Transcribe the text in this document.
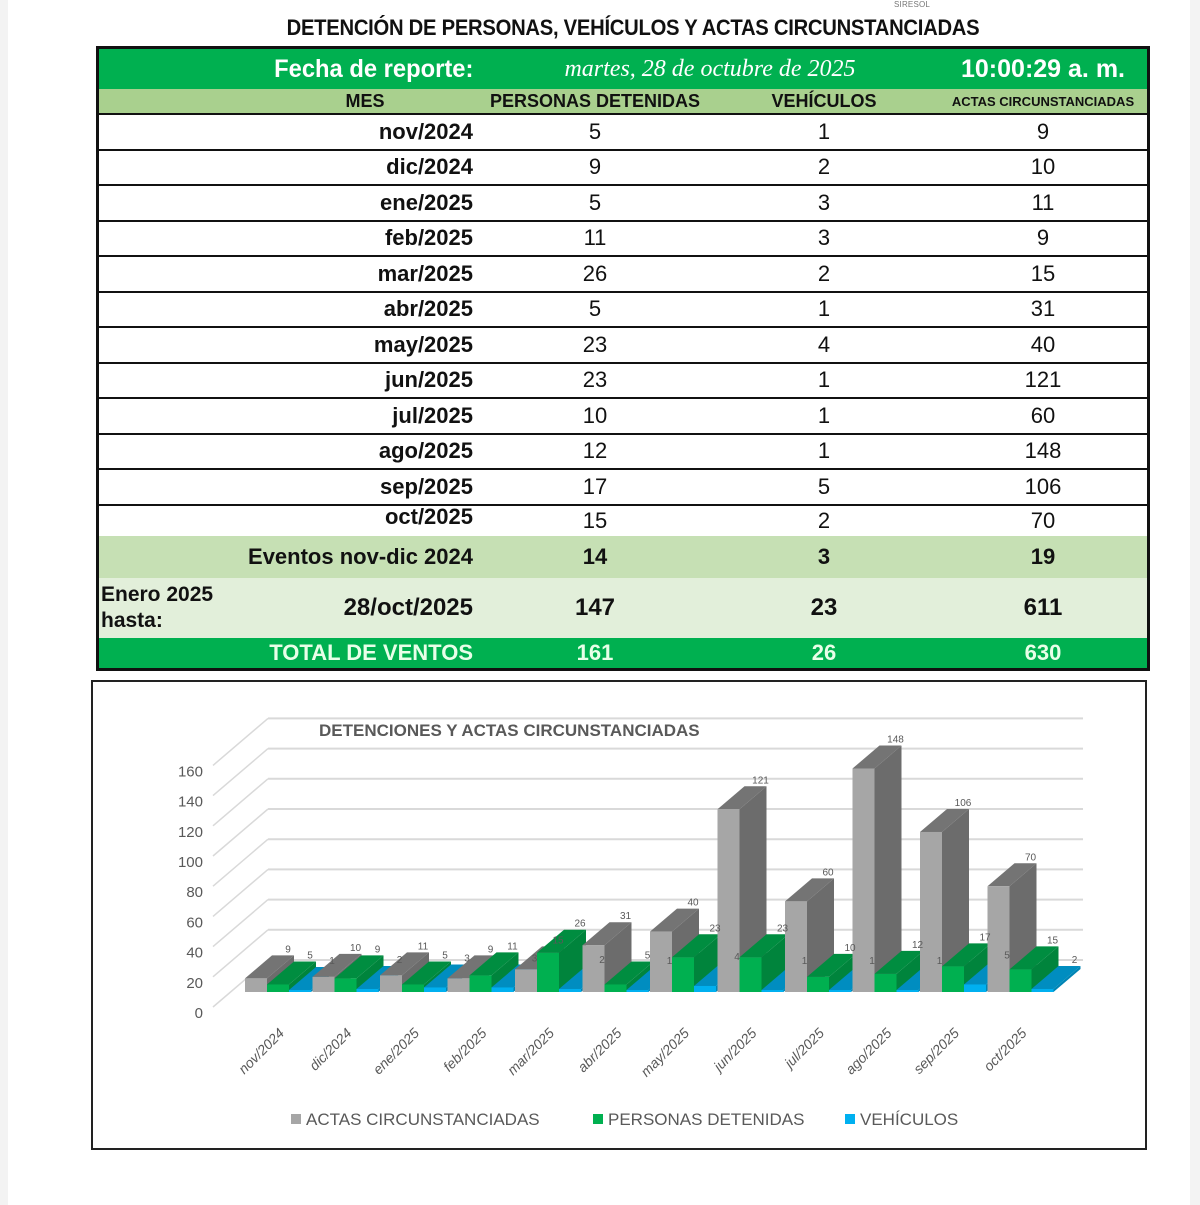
SIRESOL
DETENCIÓN DE PERSONAS, VEHÍCULOS Y ACTAS CIRCUNSTANCIADAS
Fecha de reporte:	martes, 28 de octubre de 2025	10:00:29 a. m.
MES	PERSONAS DETENIDAS	VEHÍCULOS	ACTAS CIRCUNSTANCIADAS
nov/2024	5	1	9
dic/2024	9	2	10
ene/2025	5	3	11
feb/2025	11	3	9
mar/2025	26	2	15
abr/2025	5	1	31
may/2025	23	4	40
jun/2025	23	1	121
jul/2025	10	1	60
ago/2025	12	1	148
sep/2025	17	5	106
oct/2025	15	2	70
Eventos nov-dic 2024	14	3	19
Enero 2025
hasta:	28/oct/2025	147	23	611
TOTAL DE VENTOS	161	26	630
0
20
40
60
80
100
120
140
160
DETENCIONES Y ACTAS CIRCUNSTANCIADAS
9
5
1
10 9
2
11
5 3
9 11
3
15
26
2
31
5
1
40
23
4
121
23
1
60
10
1
148
12
1
106
17
5
70
15
2
nov/2024 dic/2024 ene/2025 feb/2025 mar/2025 abr/2025 may/2025 jun/2025 jul/2025 ago/2025 sep/2025 oct/2025
ACTAS CIRCUNSTANCIADAS	PERSONAS DETENIDAS	VEHÍCULOS
